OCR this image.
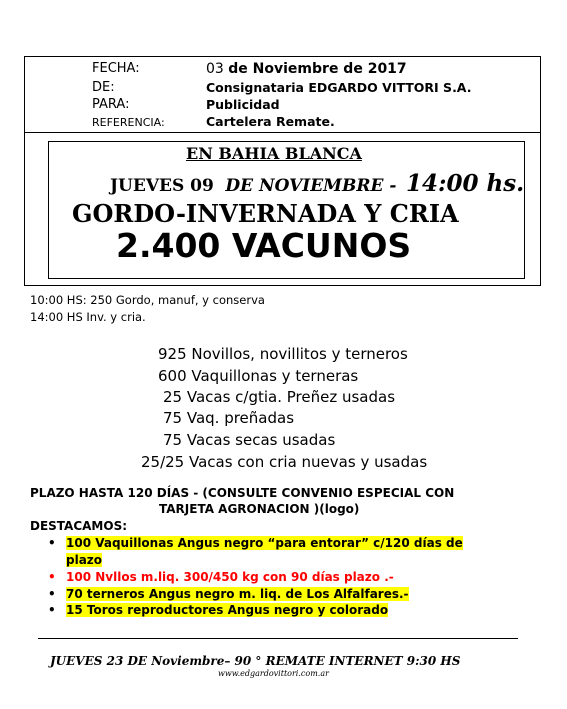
FECHA:	03 de Noviembre de 2017
DE:	Consignataria EDGARDO VITTORI S.A.
PARA:	Publicidad
REFERENCIA:	Cartelera Remate.
EN BAHIA BLANCA
JUEVES 09 DE NOVIEMBRE - 14:00 hs.
GORDO-INVERNADA Y CRIA
2.400 VACUNOS
10:00 HS: 250 Gordo, manuf, y conserva
14:00 HS Inv. y cria.
925 Novillos, novillitos y terneros
600 Vaquillonas y terneras
25 Vacas c/gtia. Preñez usadas
75 Vaq. preñadas
75 Vacas secas usadas
25/25 Vacas con cria nuevas y usadas
PLAZO HASTA 120 DÍAS - (CONSULTE CONVENIO ESPECIAL CON
TARJETA AGRONACION )(logo)
DESTACAMOS:
• 100 Vaquillonas Angus negro “para entorar” c/120 días de
plazo
• 100 Nvllos m.liq. 300/450 kg con 90 días plazo .-
• 70 terneros Angus negro m. liq. de Los Alfalfares.-
• 15 Toros reproductores Angus negro y colorado
JUEVES 23 DE Noviembre– 90 ° REMATE INTERNET 9:30 HS
www.edgardovittori.com.ar
